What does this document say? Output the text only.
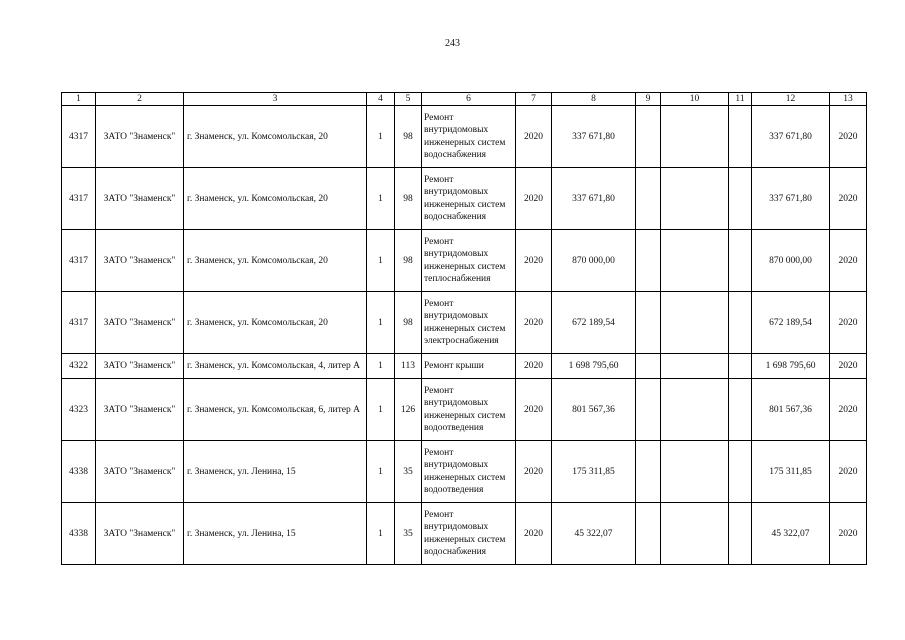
243
1	2	3	4	5	6	7	8	9	10	11	12	13
4317	ЗАТО "Знаменск"	г. Знаменск, ул. Комсомольская, 20	1	98	Ремонт внутридомовых инженерных систем водоснабжения	2020	337 671,80				337 671,80	2020
4317	ЗАТО "Знаменск"	г. Знаменск, ул. Комсомольская, 20	1	98	Ремонт внутридомовых инженерных систем водоснабжения	2020	337 671,80				337 671,80	2020
4317	ЗАТО "Знаменск"	г. Знаменск, ул. Комсомольская, 20	1	98	Ремонт внутридомовых инженерных систем теплоснабжения	2020	870 000,00				870 000,00	2020
4317	ЗАТО "Знаменск"	г. Знаменск, ул. Комсомольская, 20	1	98	Ремонт внутридомовых инженерных систем электроснабжения	2020	672 189,54				672 189,54	2020
4322	ЗАТО "Знаменск"	г. Знаменск, ул. Комсомольская, 4, литер А	1	113	Ремонт крыши	2020	1 698 795,60				1 698 795,60	2020
4323	ЗАТО "Знаменск"	г. Знаменск, ул. Комсомольская, 6, литер А	1	126	Ремонт внутридомовых инженерных систем водоотведения	2020	801 567,36				801 567,36	2020
4338	ЗАТО "Знаменск"	г. Знаменск, ул. Ленина, 15	1	35	Ремонт внутридомовых инженерных систем водоотведения	2020	175 311,85				175 311,85	2020
4338	ЗАТО "Знаменск"	г. Знаменск, ул. Ленина, 15	1	35	Ремонт внутридомовых инженерных систем водоснабжения	2020	45 322,07				45 322,07	2020
